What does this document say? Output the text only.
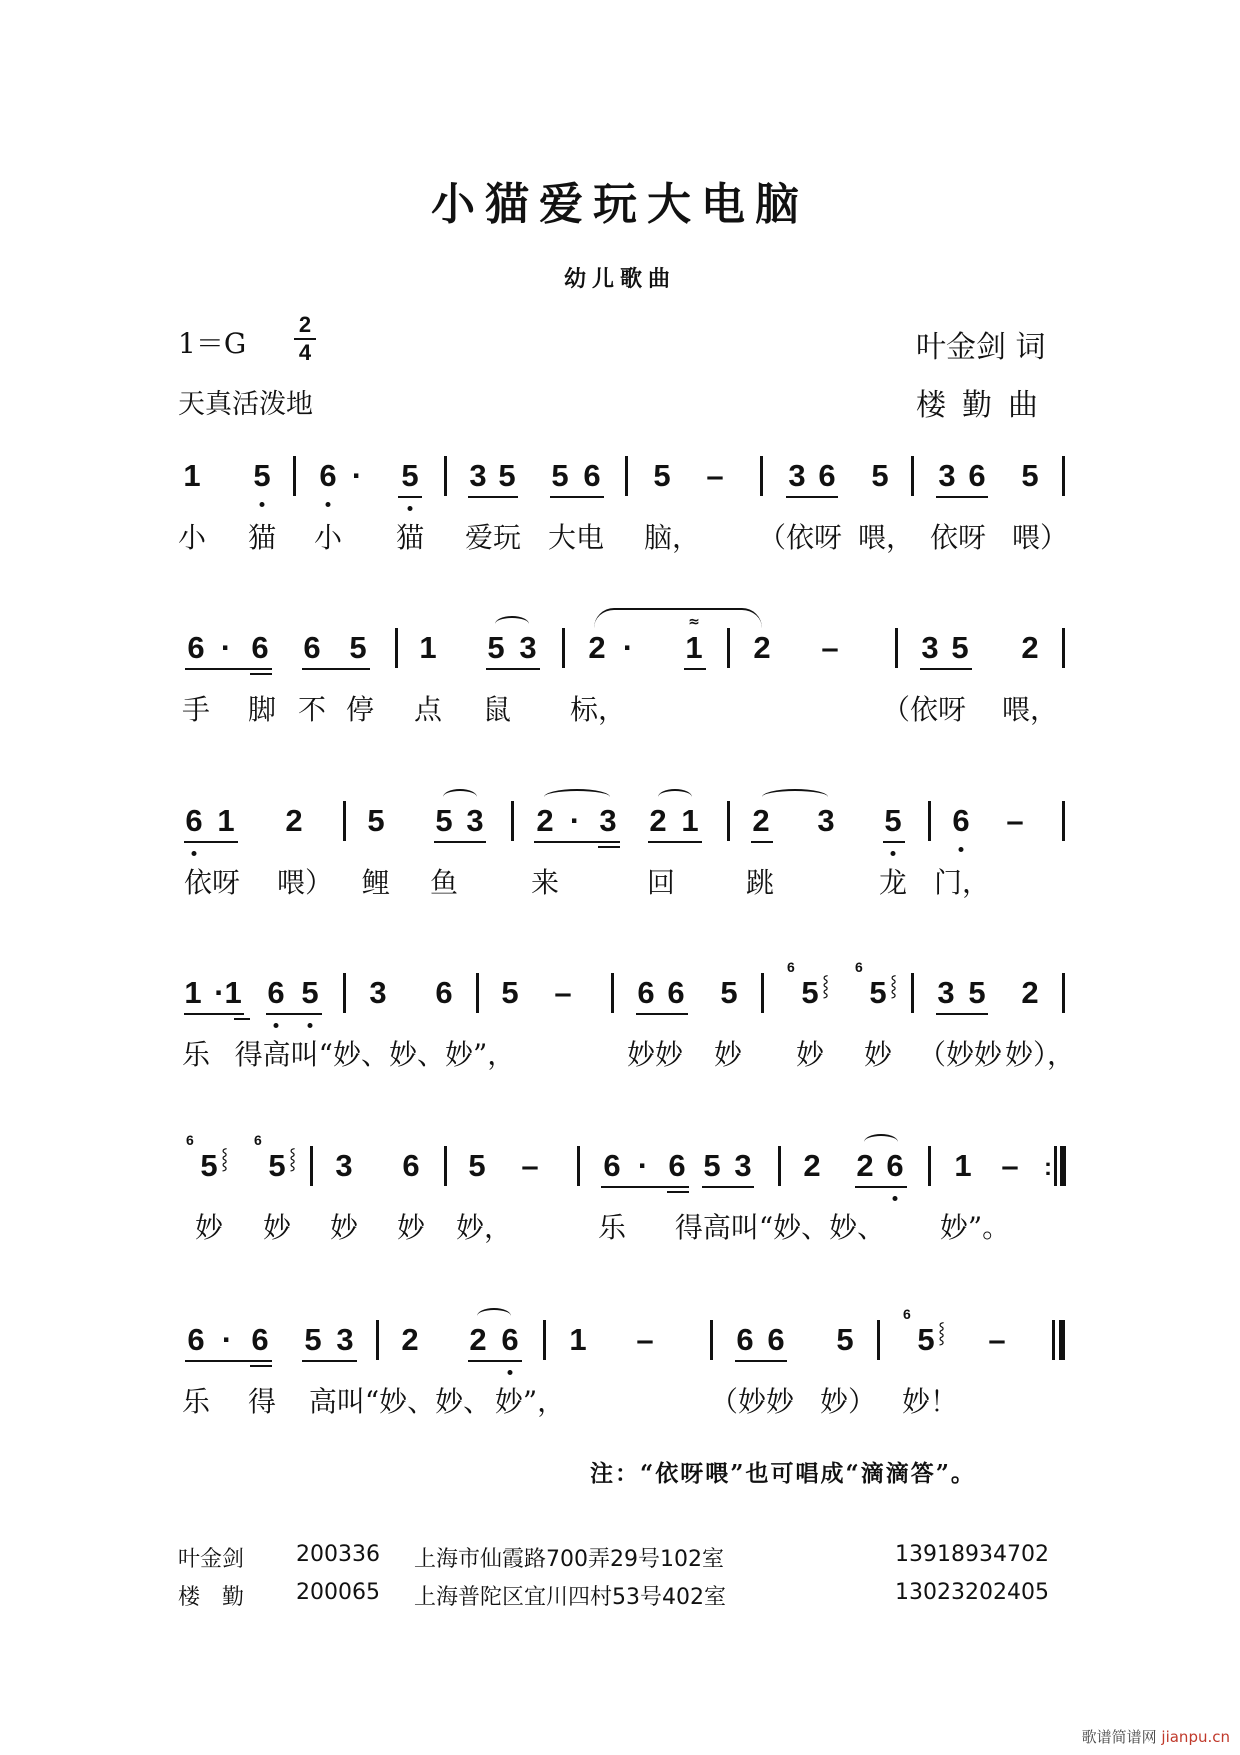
小猫爱玩大电脑
幼儿歌曲
1＝G
2
4
天真活泼地
叶金剑 词
楼勤曲
1 5 6 · 5 3 5 5 6 5 – 3 6 5 3 6 5
小 猫 小 猫 爱玩 大电 脑， （依呀 喂， 依呀 喂）
6 · 6 6 5 1 5 3 2 · 1
≈
2 –	3 5 2
手 脚 不 停 点 鼠 标，	（依呀 喂，
6 1 2 5 5 3 2 · 3 2 1 2 3 5 6 –
依呀 喂） 鲤 鱼	来	回	跳	龙 门，
1 ·1 6 5 3 6 5 – 6 6 5
6
5 ⸾
6
5 ⸾ 3 5 2
乐 得高叫“妙、妙、妙”，	妙妙 妙 妙 妙 （妙妙 妙），
6
5 ⸾
6
5 ⸾ 3 6 5 – 6 · 6 5 3 2 2 6 1 – :
妙 妙 妙 妙 妙，	乐 得高叫“妙、妙、 妙”。
6 · 6 5 3 2 2 6 1 –	6 6 5
6
5 ⸾ –
乐 得 高叫“妙、妙、 妙”，	（妙妙 妙） 妙！
注：“依呀喂”也可唱成“滴滴答”。
叶金剑 200336 上海市仙霞路700弄29号102室	13918934702
楼　勤 200065 上海普陀区宜川四村53号402室	13023202405
歌谱简谱网 jianpu.cn
